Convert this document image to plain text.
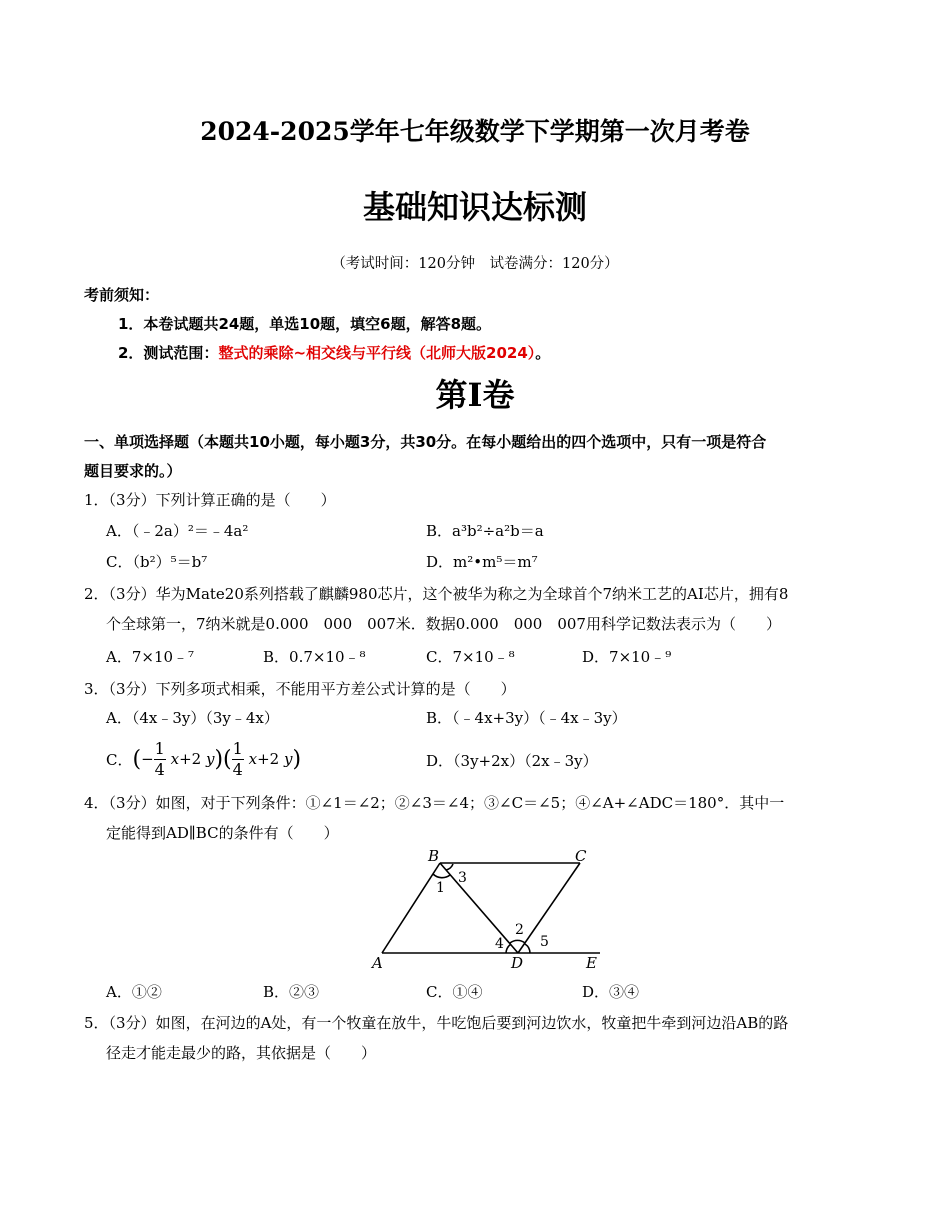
2024-2025学年七年级数学下学期第一次月考卷
基础知识达标测
（考试时间：120分钟　试卷满分：120分）
考前须知：
1．本卷试题共24题，单选10题，填空6题，解答8题。
2．测试范围：整式的乘除~相交线与平行线（北师大版2024）。
第Ⅰ卷
一、单项选择题（本题共10小题，每小题3分，共30分。在每小题给出的四个选项中，只有一项是符合
题目要求的。）
1．（3分）下列计算正确的是（　　）
A．（﹣2a）²＝﹣4a²	B．a³b²÷a²b＝a
C．（b²）⁵＝b⁷	D．m²•m⁵＝m⁷
2．（3分）华为Mate20系列搭载了麒麟980芯片，这个被华为称之为全球首个7纳米工艺的AI芯片，拥有8
个全球第一，7纳米就是0.000　000　007米．数据0.000　000　007用科学记数法表示为（　　）
A．7×10﹣⁷	B．0.7×10﹣⁸	C．7×10﹣⁸	D．7×10﹣⁹
3．（3分）下列多项式相乘，不能用平方差公式计算的是（　　）
A．（4x﹣3y）（3y﹣4x）	B．（﹣4x+3y）（﹣4x﹣3y）
C． ( − $\frac{1}{4} x+2$ y )( $\frac{1}{4} x+2$ y )	D．（3y+2x）（2x﹣3y）
4．（3分）如图，对于下列条件：①∠1＝∠2；②∠3＝∠4；③∠C＝∠5；④∠A+∠ADC＝180°．其中一
定能得到AD∥BC的条件有（　　）
B	C
A	D	E
1
3
2
4	5
A．①②	B．②③	C．①④	D．③④
5．（3分）如图，在河边的A处，有一个牧童在放牛，牛吃饱后要到河边饮水，牧童把牛牵到河边沿AB的路
径走才能走最少的路，其依据是（　　）
